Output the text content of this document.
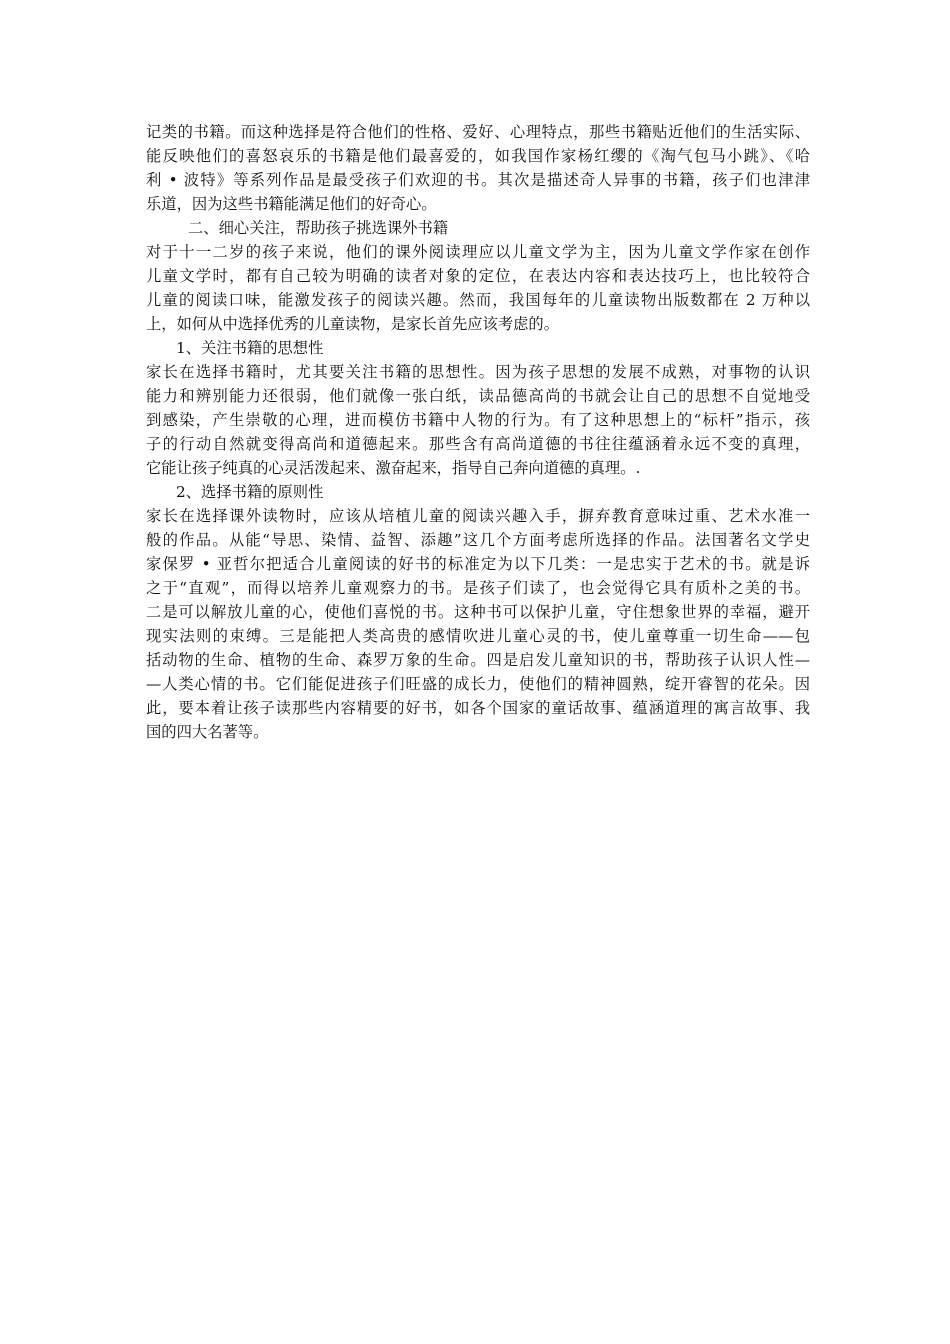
记类的书籍。而这种选择是符合他们的性格、爱好、心理特点，那些书籍贴近他们的生活实际、
能反映他们的喜怒哀乐的书籍是他们最喜爱的，如我国作家杨红缨的《淘气包马小跳》、《哈
利 • 波特》等系列作品是最受孩子们欢迎的书。其次是描述奇人异事的书籍，孩子们也津津
乐道，因为这些书籍能满足他们的好奇心。
二、细心关注，帮助孩子挑选课外书籍
对于十一二岁的孩子来说，他们的课外阅读理应以儿童文学为主，因为儿童文学作家在创作
儿童文学时，都有自己较为明确的读者对象的定位，在表达内容和表达技巧上，也比较符合
儿童的阅读口味，能激发孩子的阅读兴趣。然而，我国每年的儿童读物出版数都在 2 万种以
上，如何从中选择优秀的儿童读物，是家长首先应该考虑的。
1、关注书籍的思想性
家长在选择书籍时，尤其要关注书籍的思想性。因为孩子思想的发展不成熟，对事物的认识
能力和辨别能力还很弱，他们就像一张白纸，读品德高尚的书就会让自己的思想不自觉地受
到感染，产生崇敬的心理，进而模仿书籍中人物的行为。有了这种思想上的“标杆”指示，孩
子的行动自然就变得高尚和道德起来。那些含有高尚道德的书往往蕴涵着永远不变的真理，
它能让孩子纯真的心灵活泼起来、激奋起来，指导自己奔向道德的真理。.
2、选择书籍的原则性
家长在选择课外读物时，应该从培植儿童的阅读兴趣入手，摒弃教育意味过重、艺术水准一
般的作品。从能“导思、染情、益智、添趣”这几个方面考虑所选择的作品。法国著名文学史
家保罗 • 亚哲尔把适合儿童阅读的好书的标准定为以下几类：一是忠实于艺术的书。就是诉
之于“直观”，而得以培养儿童观察力的书。是孩子们读了，也会觉得它具有质朴之美的书。
二是可以解放儿童的心，使他们喜悦的书。这种书可以保护儿童，守住想象世界的幸福，避开
现实法则的束缚。三是能把人类高贵的感情吹进儿童心灵的书，使儿童尊重一切生命——包
括动物的生命、植物的生命、森罗万象的生命。四是启发儿童知识的书，帮助孩子认识人性—
—人类心情的书。它们能促进孩子们旺盛的成长力，使他们的精神圆熟，绽开睿智的花朵。因
此，要本着让孩子读那些内容精要的好书，如各个国家的童话故事、蕴涵道理的寓言故事、我
国的四大名著等。
